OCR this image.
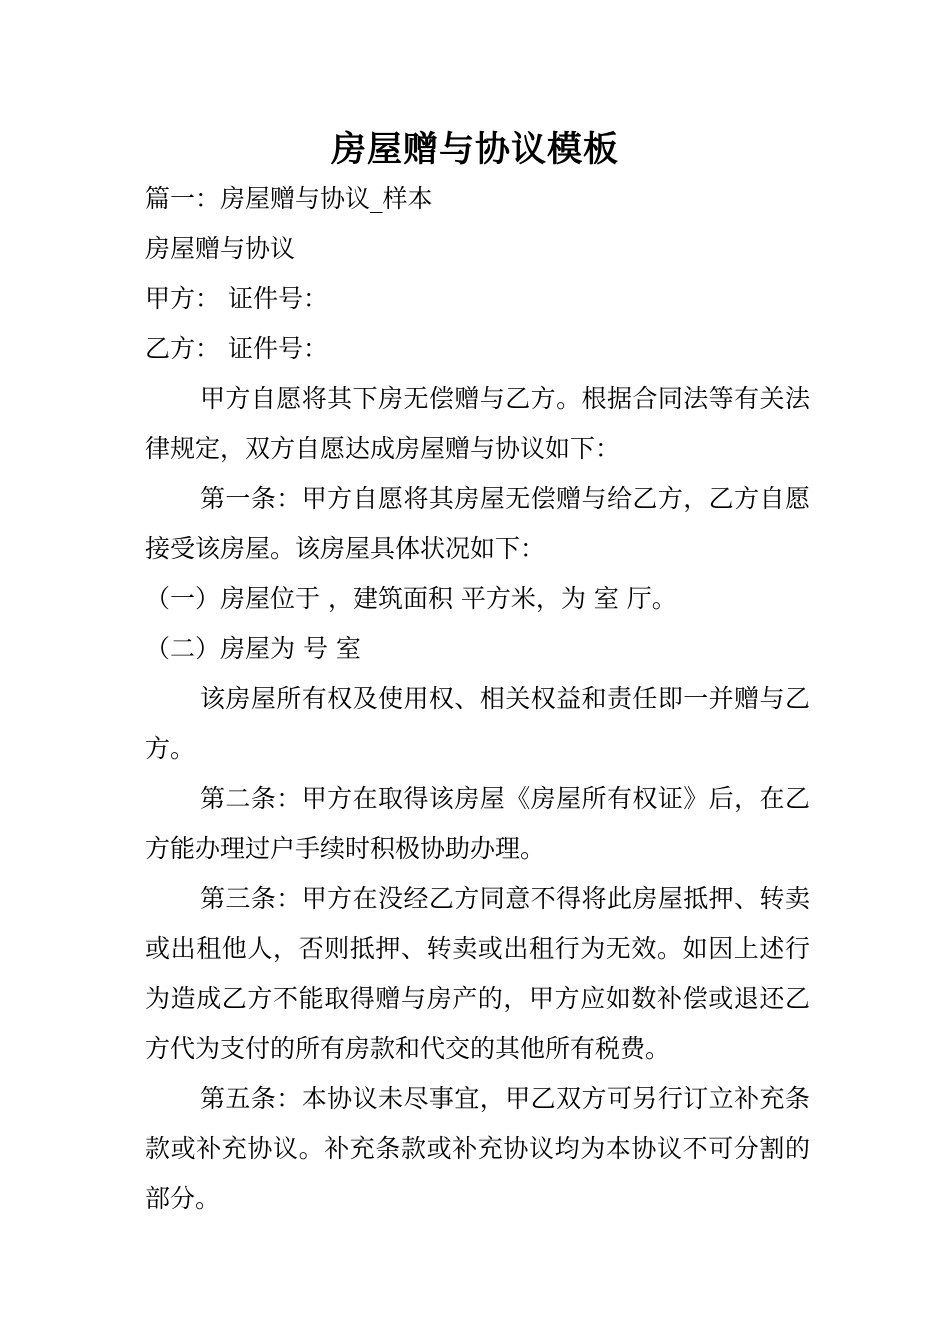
房屋赠与协议模板

篇一：房屋赠与协议_样本

房屋赠与协议

甲方： 证件号：

乙方： 证件号：

甲方自愿将其下房无偿赠与乙方。根据合同法等有关法律规定，双方自愿达成房屋赠与协议如下：

第一条：甲方自愿将其房屋无偿赠与给乙方，乙方自愿接受该房屋。该房屋具体状况如下：

（一）房屋位于 ，建筑面积 平方米，为 室 厅。

（二）房屋为 号 室

该房屋所有权及使用权、相关权益和责任即一并赠与乙方。

第二条：甲方在取得该房屋《房屋所有权证》后，在乙方能办理过户手续时积极协助办理。

第三条：甲方在没经乙方同意不得将此房屋抵押、转卖或出租他人，否则抵押、转卖或出租行为无效。如因上述行为造成乙方不能取得赠与房产的，甲方应如数补偿或退还乙方代为支付的所有房款和代交的其他所有税费。

第五条：本协议未尽事宜，甲乙双方可另行订立补充条款或补充协议。补充条款或补充协议均为本协议不可分割的部分。
